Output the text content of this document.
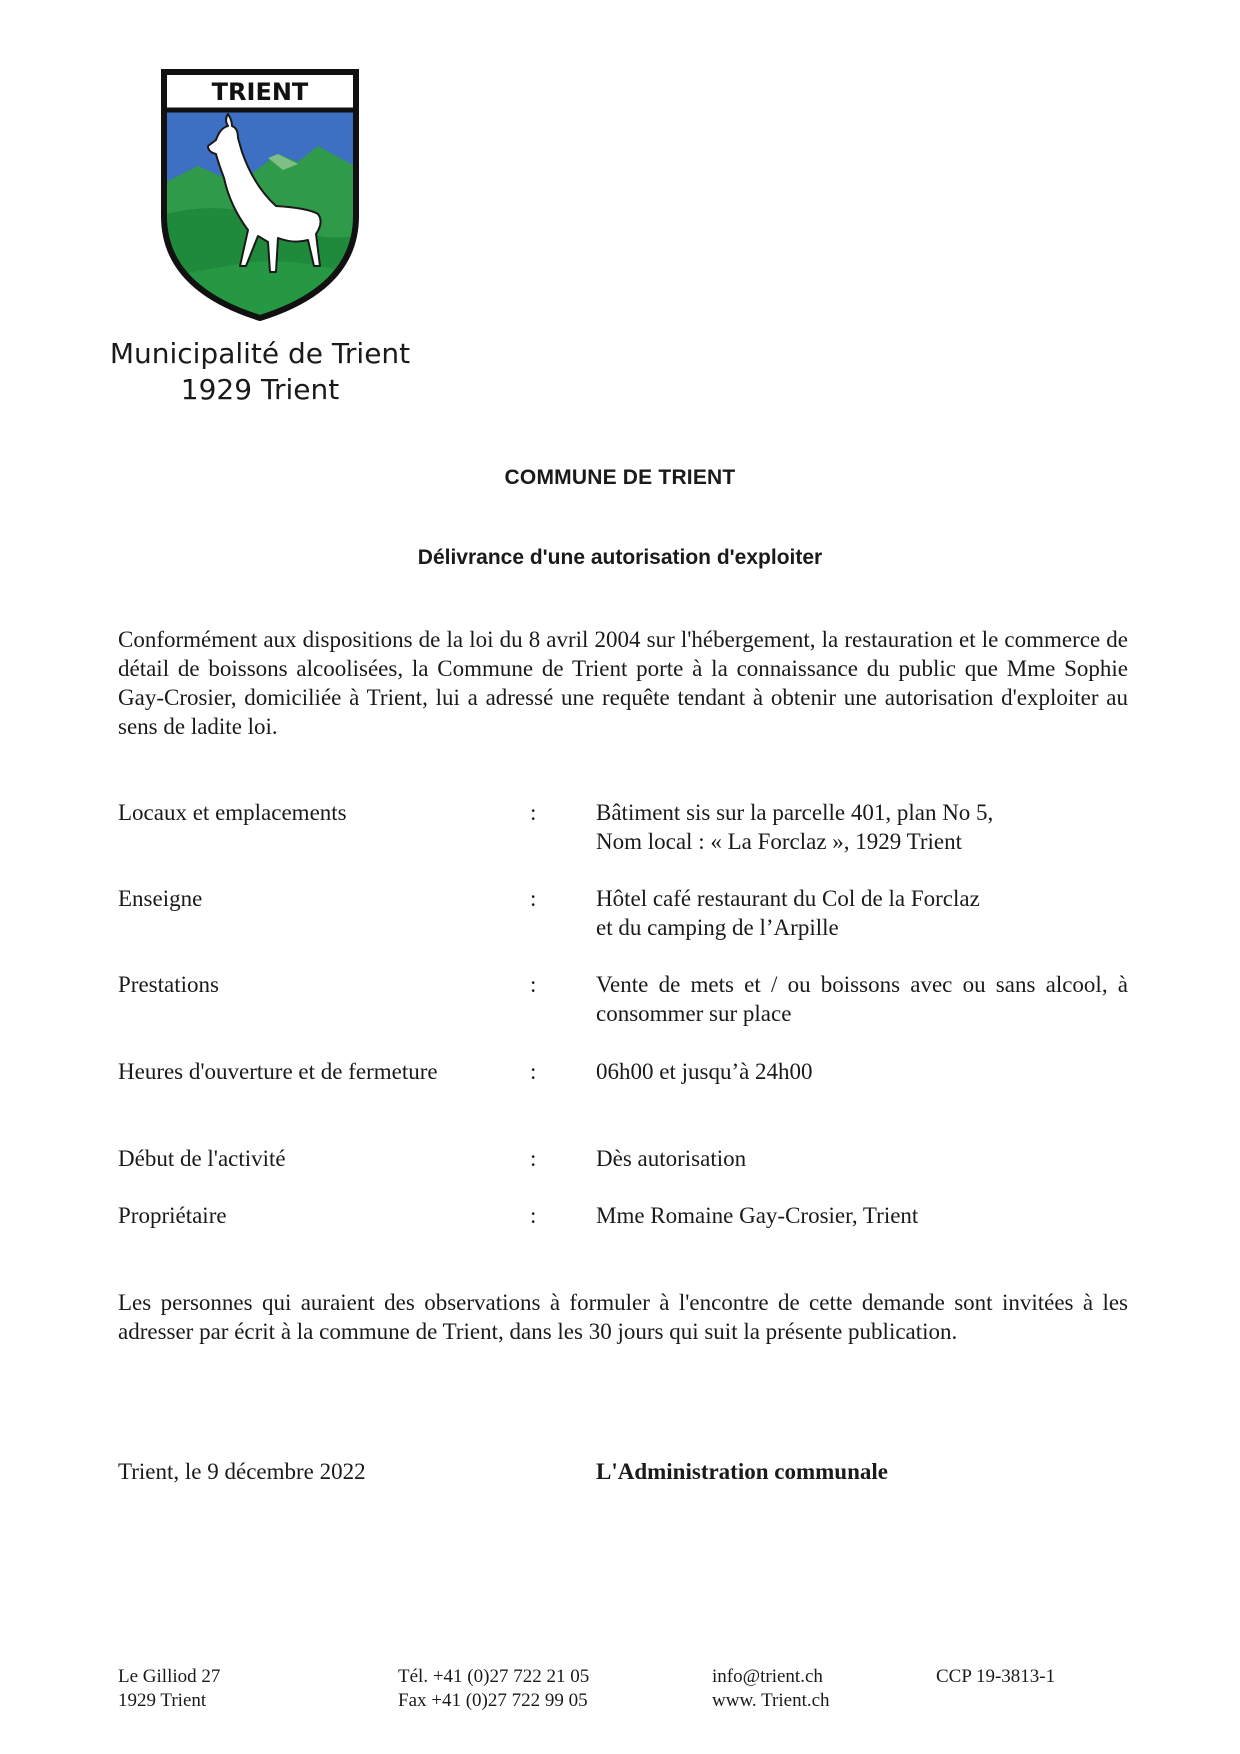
TRIENT
Municipalité de Trient
1929 Trient
COMMUNE DE TRIENT
Délivrance d'une autorisation d'exploiter
Conformément aux dispositions de la loi du 8 avril 2004 sur l'hébergement, la restauration et le commerce de détail de boissons alcoolisées, la Commune de Trient porte à la connaissance du public que Mme Sophie Gay-Crosier, domiciliée à Trient, lui a adressé une requête tendant à obtenir une autorisation d'exploiter au sens de ladite loi.
Locaux et emplacements	:	Bâtiment sis sur la parcelle 401, plan No 5,
Nom local : « La Forclaz », 1929 Trient
Enseigne	:	Hôtel café restaurant du Col de la Forclaz
et du camping de l’Arpille
Prestations	:	Vente de mets et / ou boissons avec ou sans alcool, à consommer sur place
Heures d'ouverture et de fermeture	:	06h00 et jusqu’à 24h00
Début de l'activité	:	Dès autorisation
Propriétaire	:	Mme Romaine Gay-Crosier, Trient
Les personnes qui auraient des observations à formuler à l'encontre de cette demande sont invitées à les adresser par écrit à la commune de Trient, dans les 30 jours qui suit la présente publication.
Trient, le 9 décembre 2022	L'Administration communale
Le Gilliod 27
1929 Trient
Tél. +41 (0)27 722 21 05
Fax +41 (0)27 722 99 05
info@trient.ch
www. Trient.ch
CCP 19-3813-1
